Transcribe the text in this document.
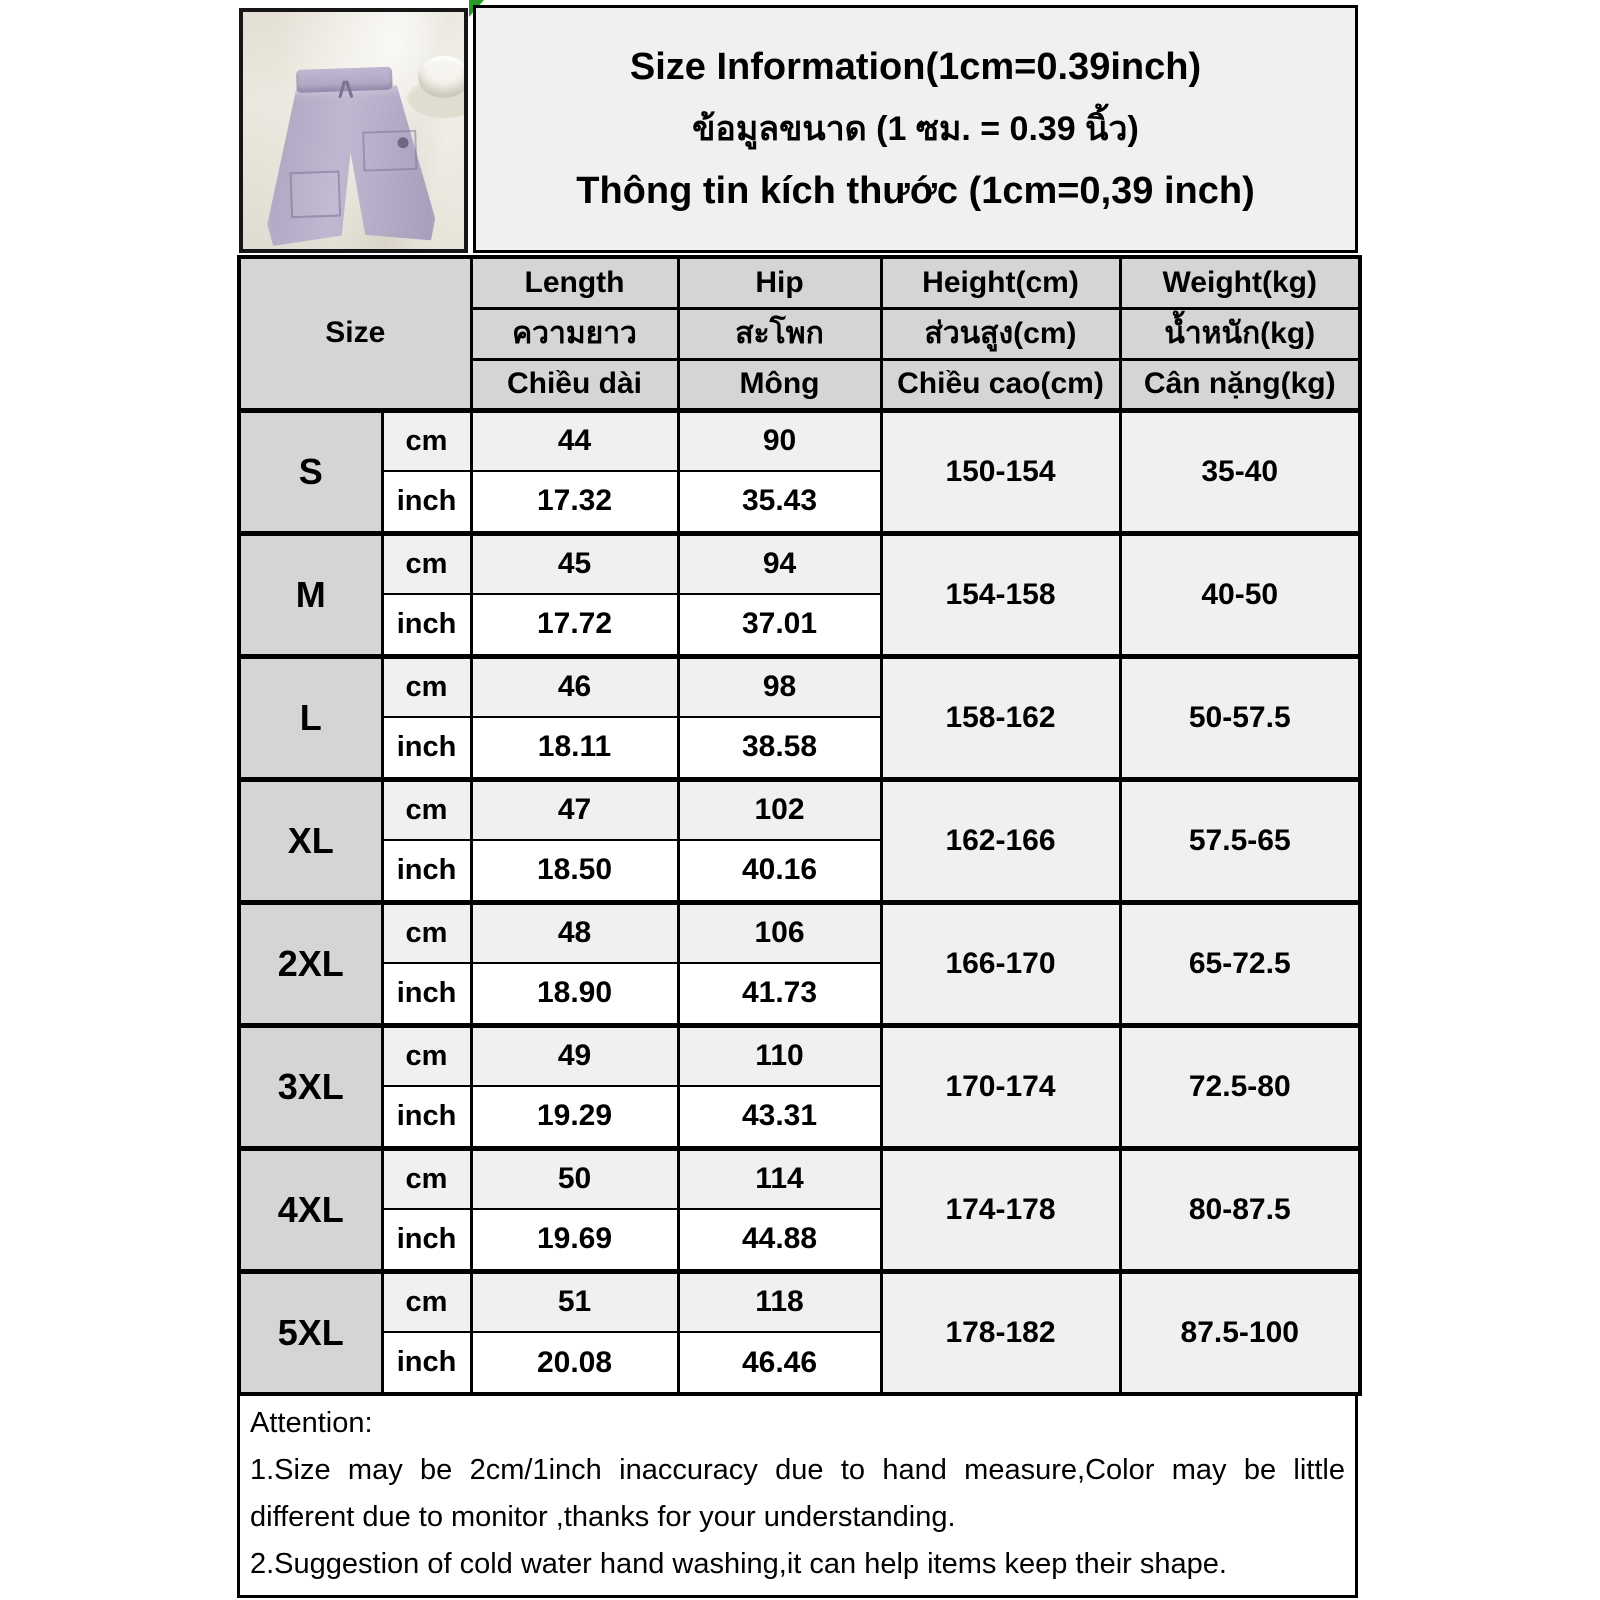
Size Information(1cm=0.39inch)
ข้อมูลขนาด (1 ซม. = 0.39 นิ้ว)
Thông tin kích thước (1cm=0,39 inch)
Size		Length	Hip	Height(cm)	Weight(kg)
		ความยาว	สะโพก	ส่วนสูง(cm)	น้ำหนัก(kg)
		Chiều dài	Mông	Chiều cao(cm)	Cân nặng(kg)
S	cm	44	90	150-154	35-40
	inch	17.32	35.43		
M	cm	45	94	154-158	40-50
	inch	17.72	37.01		
L	cm	46	98	158-162	50-57.5
	inch	18.11	38.58		
XL	cm	47	102	162-166	57.5-65
	inch	18.50	40.16		
2XL	cm	48	106	166-170	65-72.5
	inch	18.90	41.73		
3XL	cm	49	110	170-174	72.5-80
	inch	19.29	43.31		
4XL	cm	50	114	174-178	80-87.5
	inch	19.69	44.88		
5XL	cm	51	118	178-182	87.5-100
	inch	20.08	46.46		

Attention:

1.Size may be 2cm/1inch inaccuracy due to hand measure,Color may be little different due to monitor ,thanks for your understanding.

2.Suggestion of cold water hand washing,it can help items keep their shape.
